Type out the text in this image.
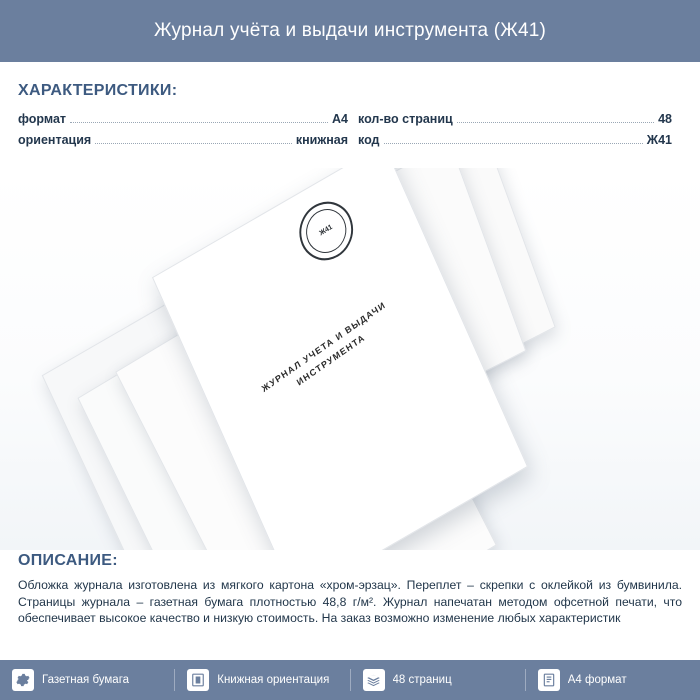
Журнал учёта и выдачи инструмента (Ж41)
ХАРАКТЕРИСТИКИ:
формат	А4 кол-во страниц	48
ориентация	книжная код	Ж41
Ж41
ЖУРНАЛ УЧЕТА И ВЫДАЧИ ИНСТРУМЕНТА
ОПИСАНИЕ:
Обложка журнала изготовлена из мягкого картона «хром-эрзац». Переплет – скрепки с оклейкой из бумвинила. Страницы журнала – газетная бумага плотностью 48,8 г/м². Журнал напечатан методом офсетной печати, что обеспечивает высокое качество и низкую стоимость. На заказ возможно изменение любых характеристик
Газетная бумага	Книжная ориентация	48 страниц	А4 формат
